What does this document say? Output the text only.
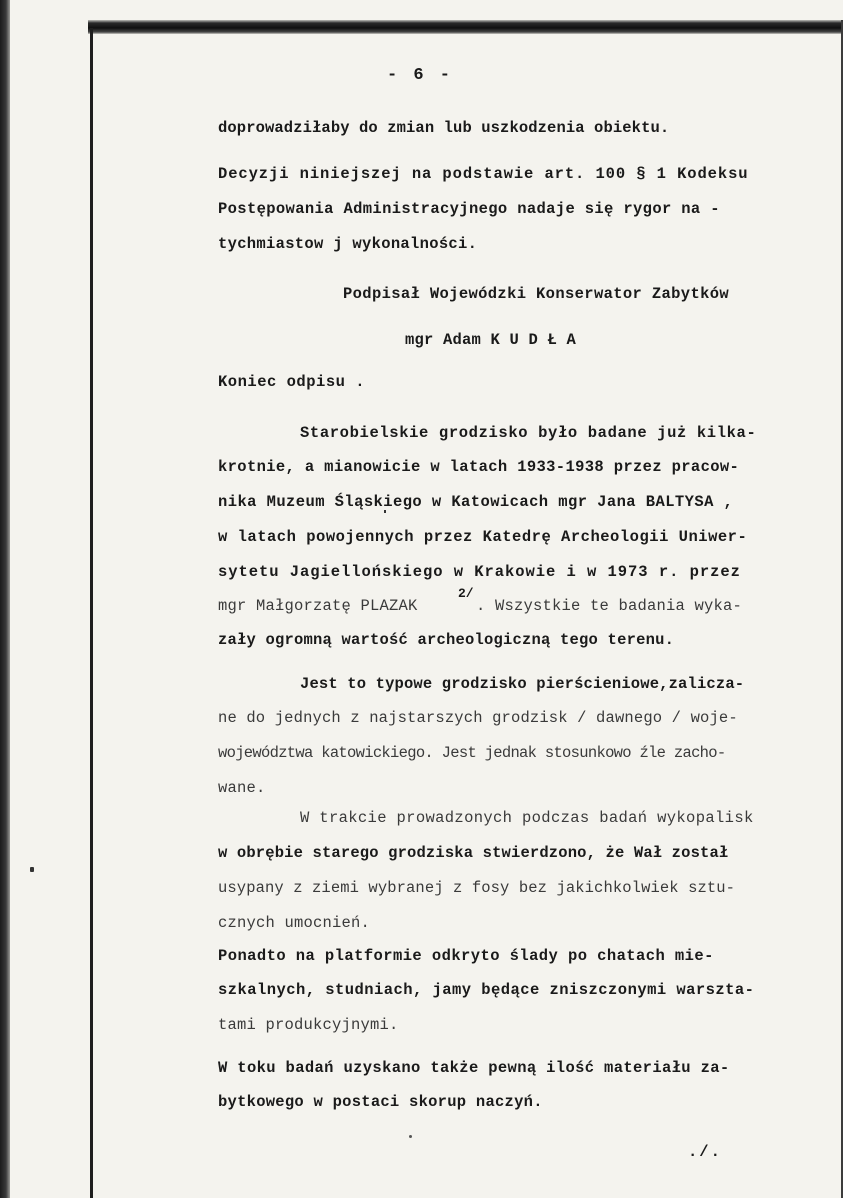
- 6 -
doprowadziłaby do zmian lub uszkodzenia obiektu.
Decyzji niniejszej na podstawie art. 100 § 1 Kodeksu
Postępowania Administracyjnego nadaje się rygor na -
tychmiastow j wykonalności.
Podpisał Wojewódzki Konserwator Zabytków
mgr Adam K U D Ł A
Koniec odpisu .
Starobielskie grodzisko było badane już kilka-
krotnie, a mianowicie w latach 1933-1938 przez pracow-
nika Muzeum Śląskiego w Katowicach mgr Jana BALTYSA ,
w latach powojennych przez Katedrę Archeologii Uniwer-
sytetu Jagiellońskiego w Krakowie i w 1973 r. przez
mgr Małgorzatę PLAZAK
2/
. Wszystkie te badania wyka-
zały ogromną wartość archeologiczną tego terenu.
Jest to typowe grodzisko pierścieniowe,zalicza-
ne do jednych z najstarszych grodzisk / dawnego / woje-
województwa katowickiego. Jest jednak stosunkowo źle zacho-
wane.
W trakcie prowadzonych podczas badań wykopalisk
w obrębie starego grodziska stwierdzono, że Wał został
usypany z ziemi wybranej z fosy bez jakichkolwiek sztu-
cznych umocnień.
Ponadto na platformie odkryto ślady po chatach mie-
szkalnych, studniach, jamy będące zniszczonymi warszta-
tami produkcyjnymi.
W toku badań uzyskano także pewną ilość materiału za-
bytkowego w postaci skorup naczyń.
./.
